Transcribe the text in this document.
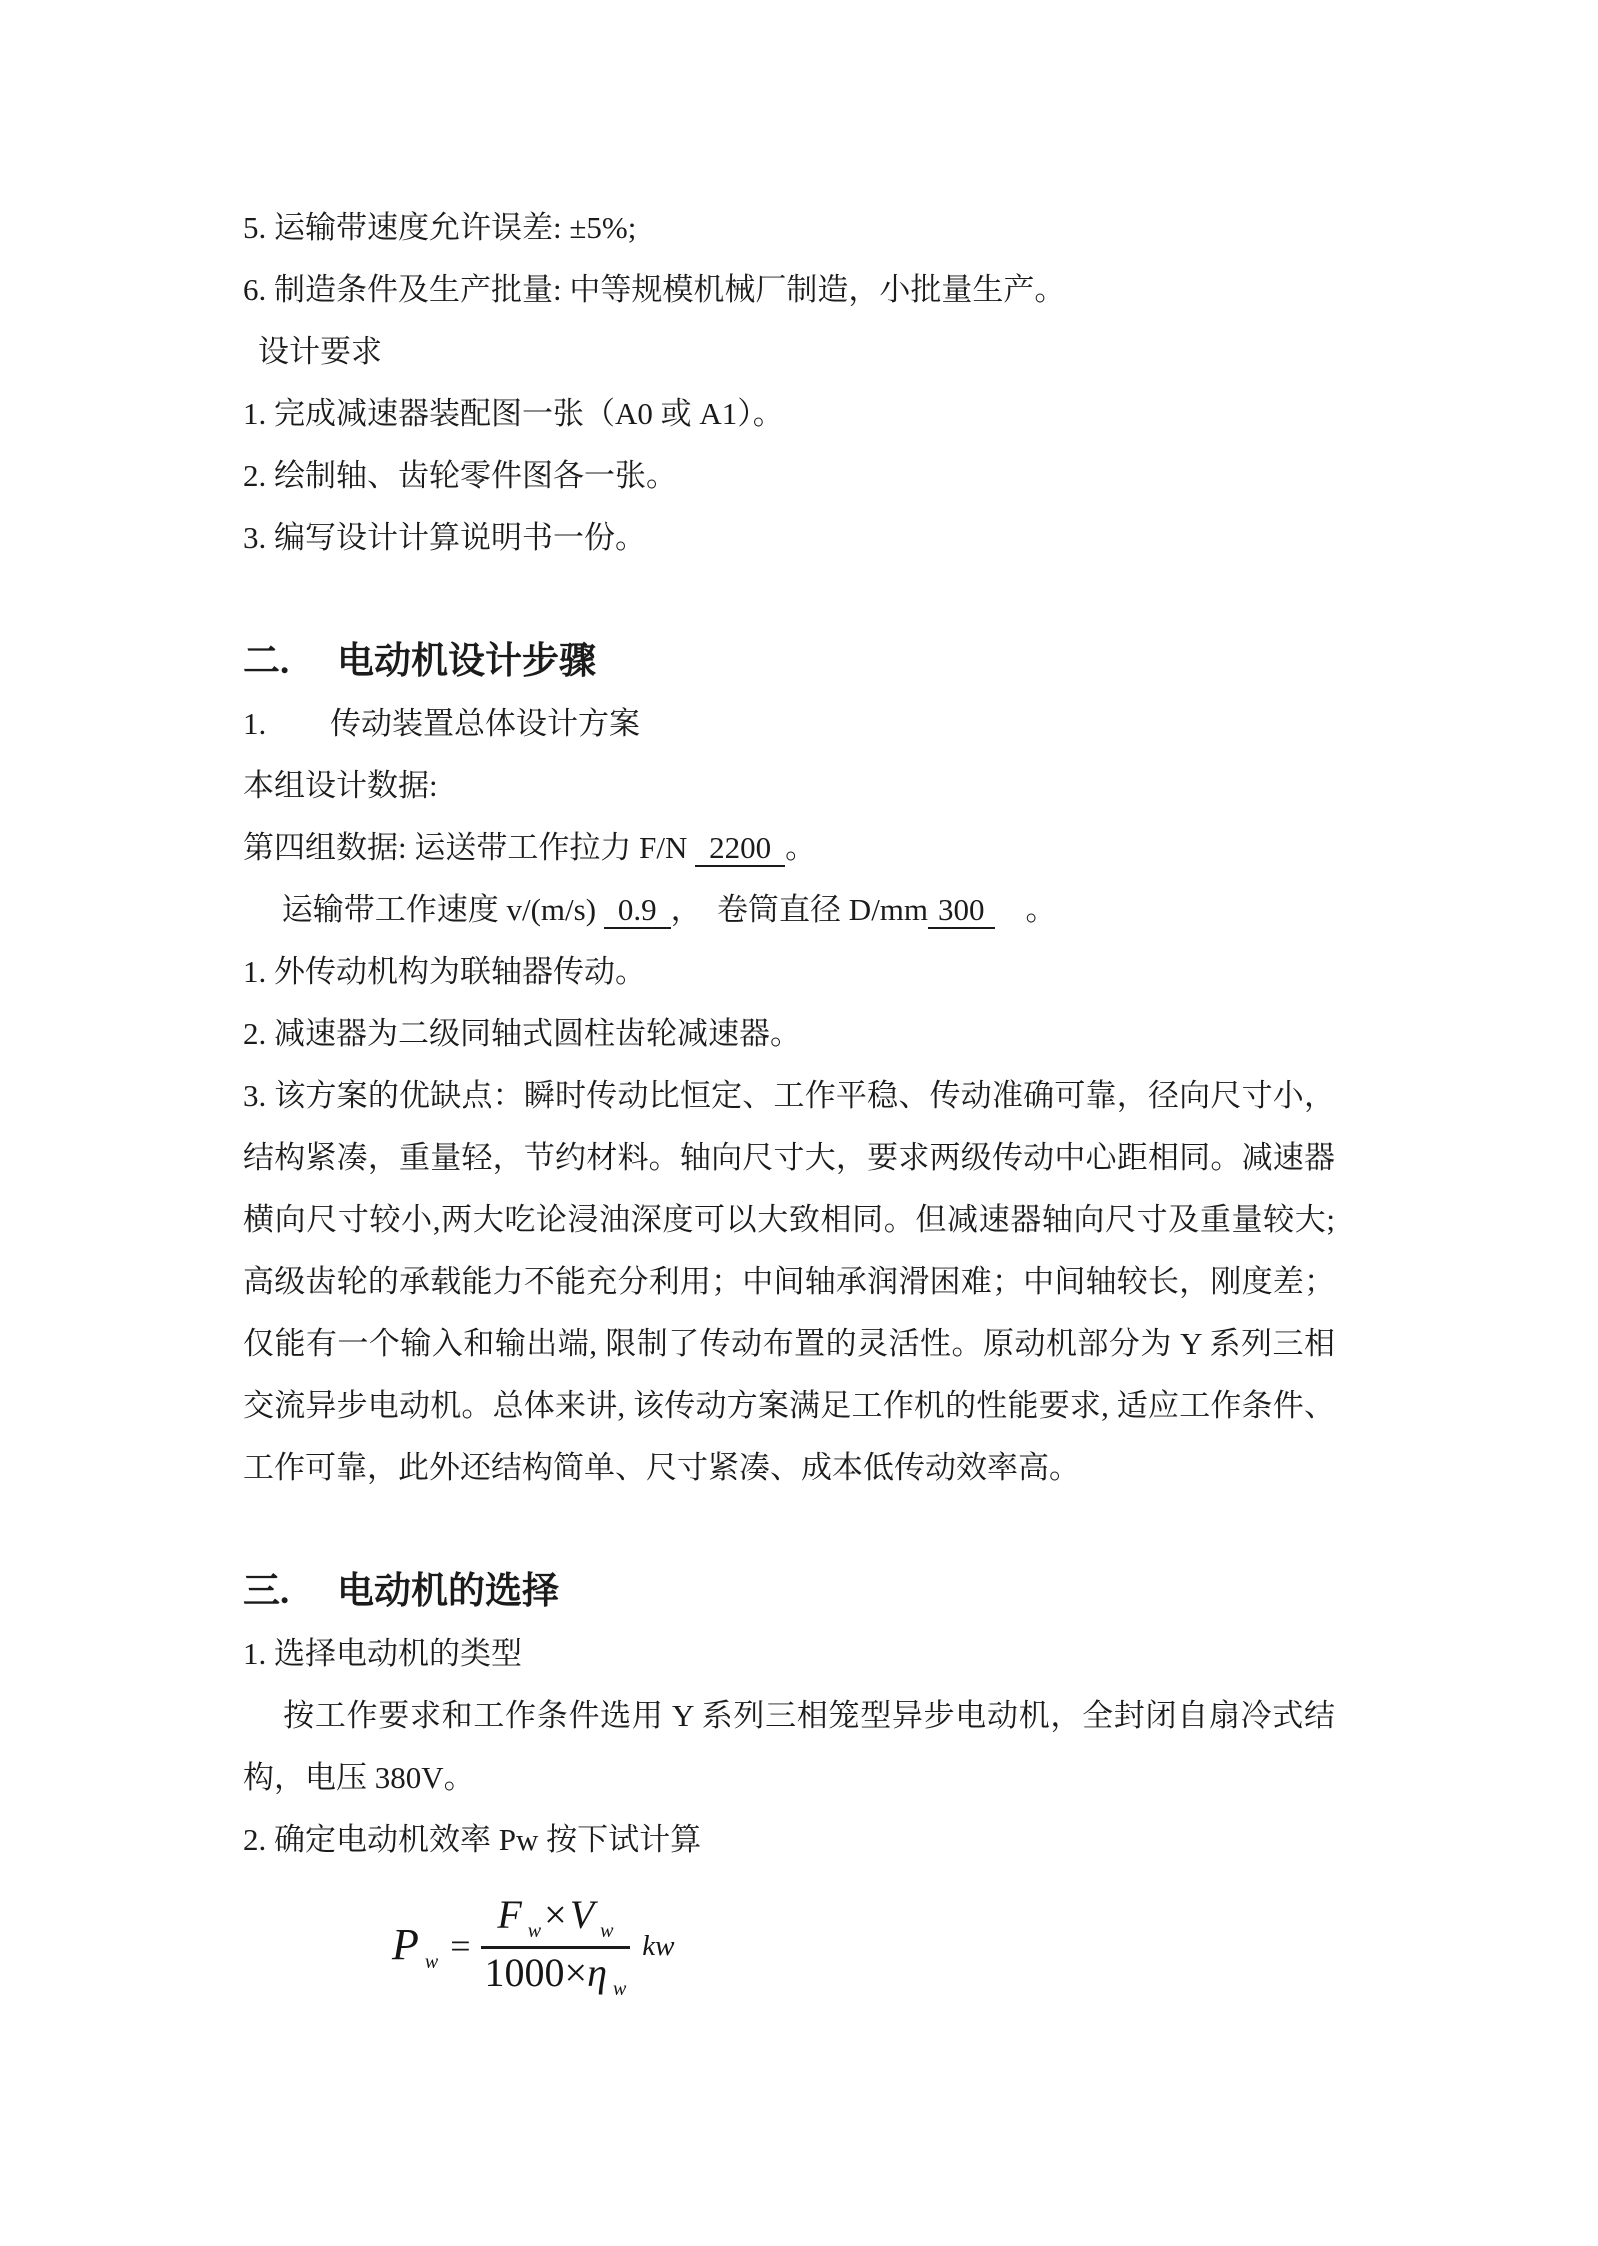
5. 运输带速度允许误差: ±5%;
6. 制造条件及生产批量: 中等规模机械厂制造，小批量生产。
设计要求
1. 完成减速器装配图一张（A0 或 A1）。
2. 绘制轴、齿轮零件图各一张。
3. 编写设计计算说明书一份。
二. 电动机设计步骤
1. 传动装置总体设计方案
本组设计数据:
第四组数据: 运送带工作拉力 F/N 2200 。
　 运输带工作速度 v/(m/s) 0.9 ，　卷筒直径 D/mm 300　。
1. 外传动机构为联轴器传动。
2. 减速器为二级同轴式圆柱齿轮减速器。
3. 该方案的优缺点：瞬时传动比恒定、工作平稳、传动准确可靠，径向尺寸小，
结构紧凑，重量轻，节约材料。轴向尺寸大，要求两级传动中心距相同。减速器
横向尺寸较小,两大吃论浸油深度可以大致相同。但减速器轴向尺寸及重量较大;
高级齿轮的承载能力不能充分利用；中间轴承润滑困难；中间轴较长，刚度差；
仅能有一个输入和输出端, 限制了传动布置的灵活性。原动机部分为 Y 系列三相
交流异步电动机。总体来讲, 该传动方案满足工作机的性能要求, 适应工作条件、
工作可靠，此外还结构简单、尺寸紧凑、成本低传动效率高。
三. 电动机的选择
1. 选择电动机的类型
　 按工作要求和工作条件选用 Y 系列三相笼型异步电动机，全封闭自扇冷式结
构，电压 380V。
2. 确定电动机效率 Pw 按下试计算
P $_w = \frac{F _w\times V _w}{1000\times\eta _w}$ kw
